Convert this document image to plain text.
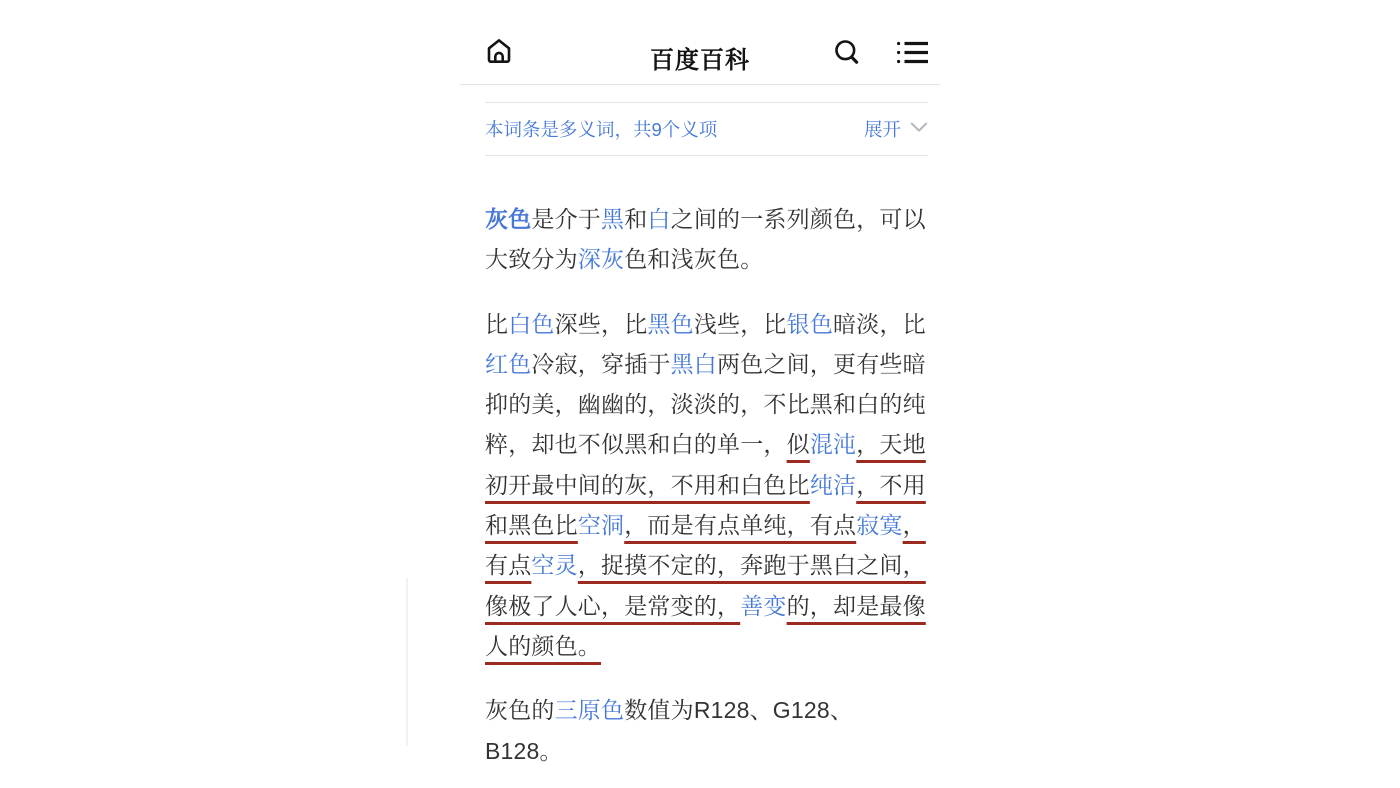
百度百科
本词条是多义词，共9个义项	展开

灰色是介于黑和白之间的一系列颜色，可以大致分为深灰色和浅灰色。

比白色深些，比黑色浅些，比银色暗淡，比红色冷寂，穿插于黑白两色之间，更有些暗抑的美，幽幽的，淡淡的，不比黑和白的纯粹，却也不似黑和白的单一，似混沌，天地初开最中间的灰，不用和白色比纯洁，不用和黑色比空洞，而是有点单纯，有点寂寞，有点空灵，捉摸不定的，奔跑于黑白之间，像极了人心，是常变的，善变的，却是最像人的颜色。

灰色的三原色数值为R128、G128、B128。
